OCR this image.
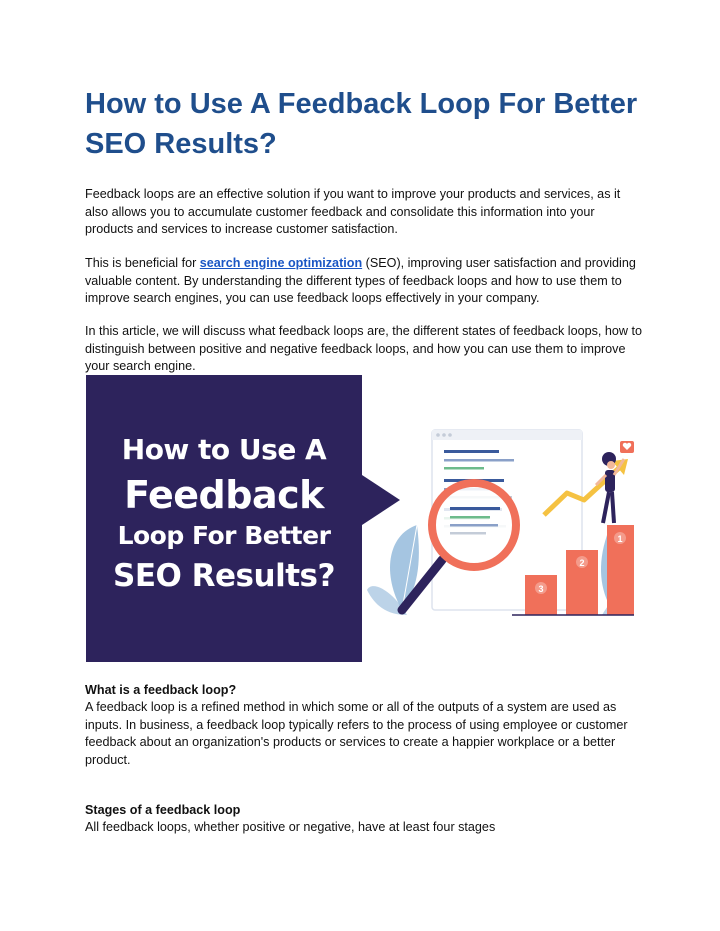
How to Use A Feedback Loop For Better SEO Results?

Feedback loops are an effective solution if you want to improve your products and services, as it also allows you to accumulate customer feedback and consolidate this information into your products and services to increase customer satisfaction.

This is beneficial for search engine optimization (SEO), improving user satisfaction and providing valuable content. By understanding the different types of feedback loops and how to use them to improve search engines, you can use feedback loops effectively in your company.

In this article, we will discuss what feedback loops are, the different states of feedback loops, how to distinguish between positive and negative feedback loops, and how you can use them to improve your search engine.

How to Use A
Feedback
Loop For Better
SEO Results?	3
2
1
What is a feedback loop?

A feedback loop is a refined method in which some or all of the outputs of a system are used as inputs. In business, a feedback loop typically refers to the process of using employee or customer feedback about an organization's products or services to create a happier workplace or a better product.

Stages of a feedback loop

All feedback loops, whether positive or negative, have at least four stages
